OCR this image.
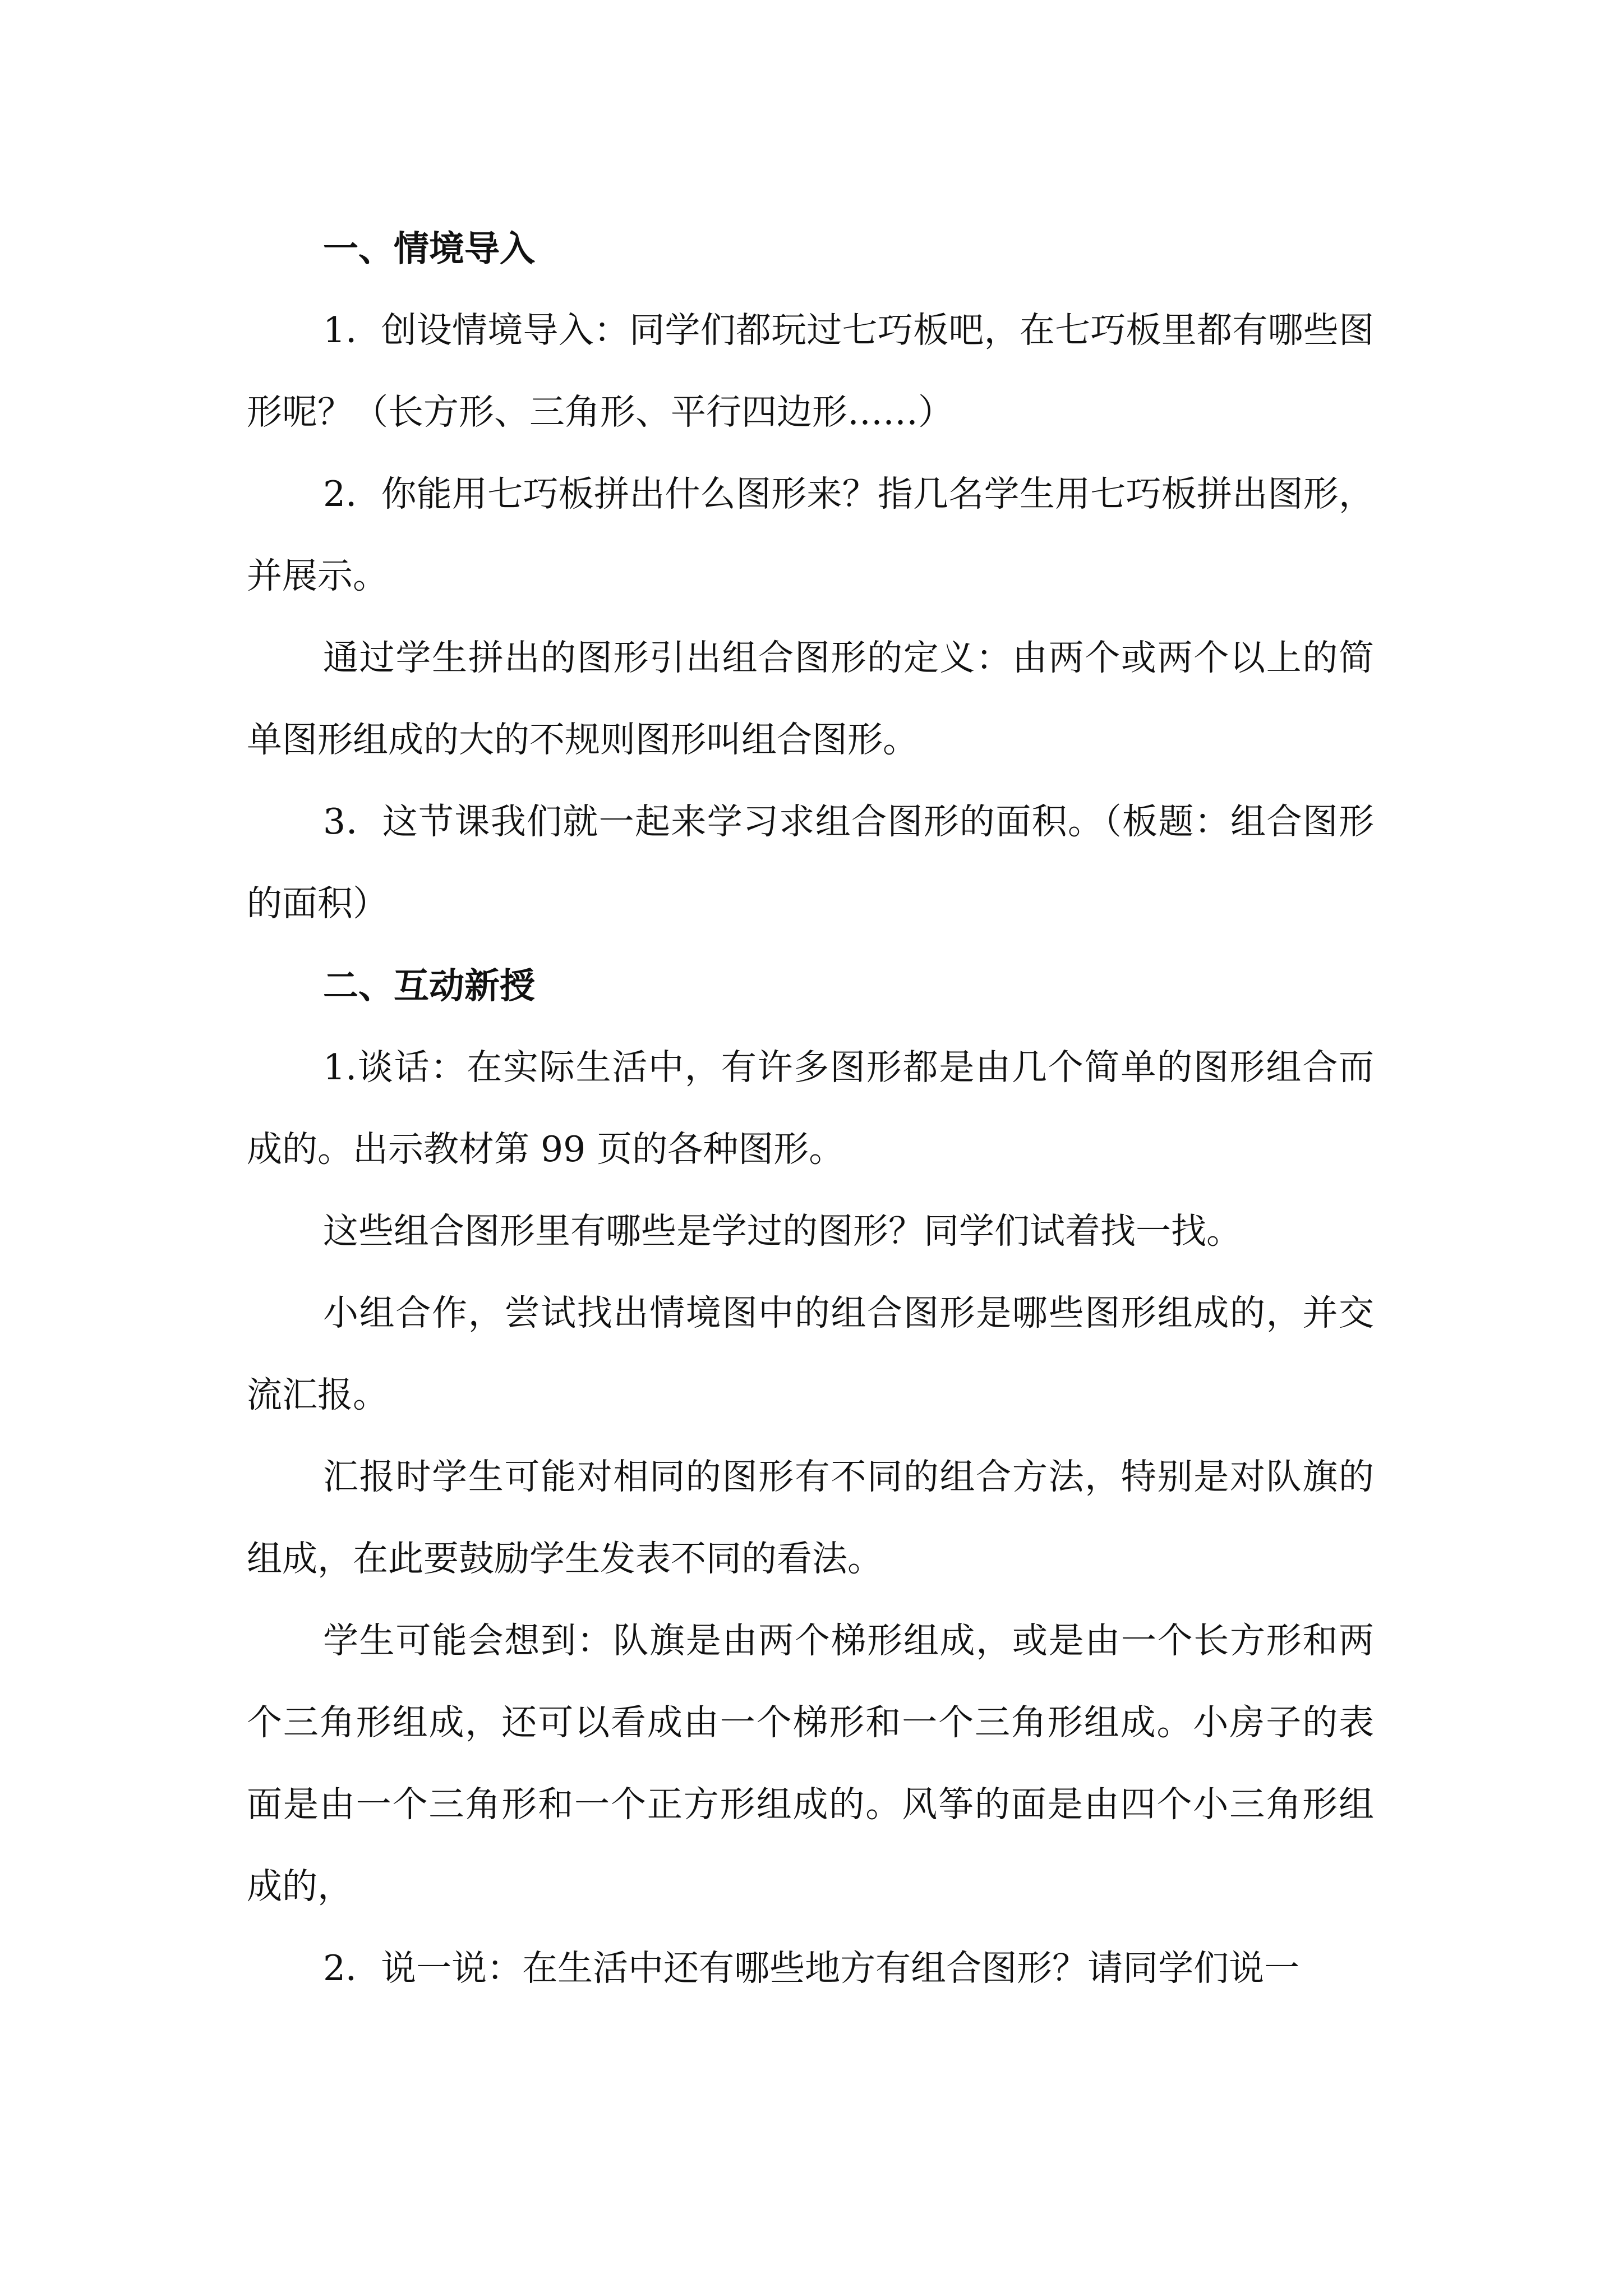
一、情境导入

1．创设情境导入：同学们都玩过七巧板吧，在七巧板里都有哪些图形呢？（长方形、三角形、平行四边形……）

2．你能用七巧板拼出什么图形来？指几名学生用七巧板拼出图形，并展示。

通过学生拼出的图形引出组合图形的定义：由两个或两个以上的简单图形组成的大的不规则图形叫组合图形。

3．这节课我们就一起来学习求组合图形的面积。（板题：组合图形的面积）

二、互动新授

1.谈话：在实际生活中，有许多图形都是由几个简单的图形组合而成的。出示教材第 99 页的各种图形。

这些组合图形里有哪些是学过的图形？同学们试着找一找。

小组合作，尝试找出情境图中的组合图形是哪些图形组成的，并交流汇报。

汇报时学生可能对相同的图形有不同的组合方法，特别是对队旗的组成，在此要鼓励学生发表不同的看法。

学生可能会想到：队旗是由两个梯形组成，或是由一个长方形和两个三角形组成，还可以看成由一个梯形和一个三角形组成。小房子的表面是由一个三角形和一个正方形组成的。风筝的面是由四个小三角形组成的，

2．说一说：在生活中还有哪些地方有组合图形？请同学们说一
